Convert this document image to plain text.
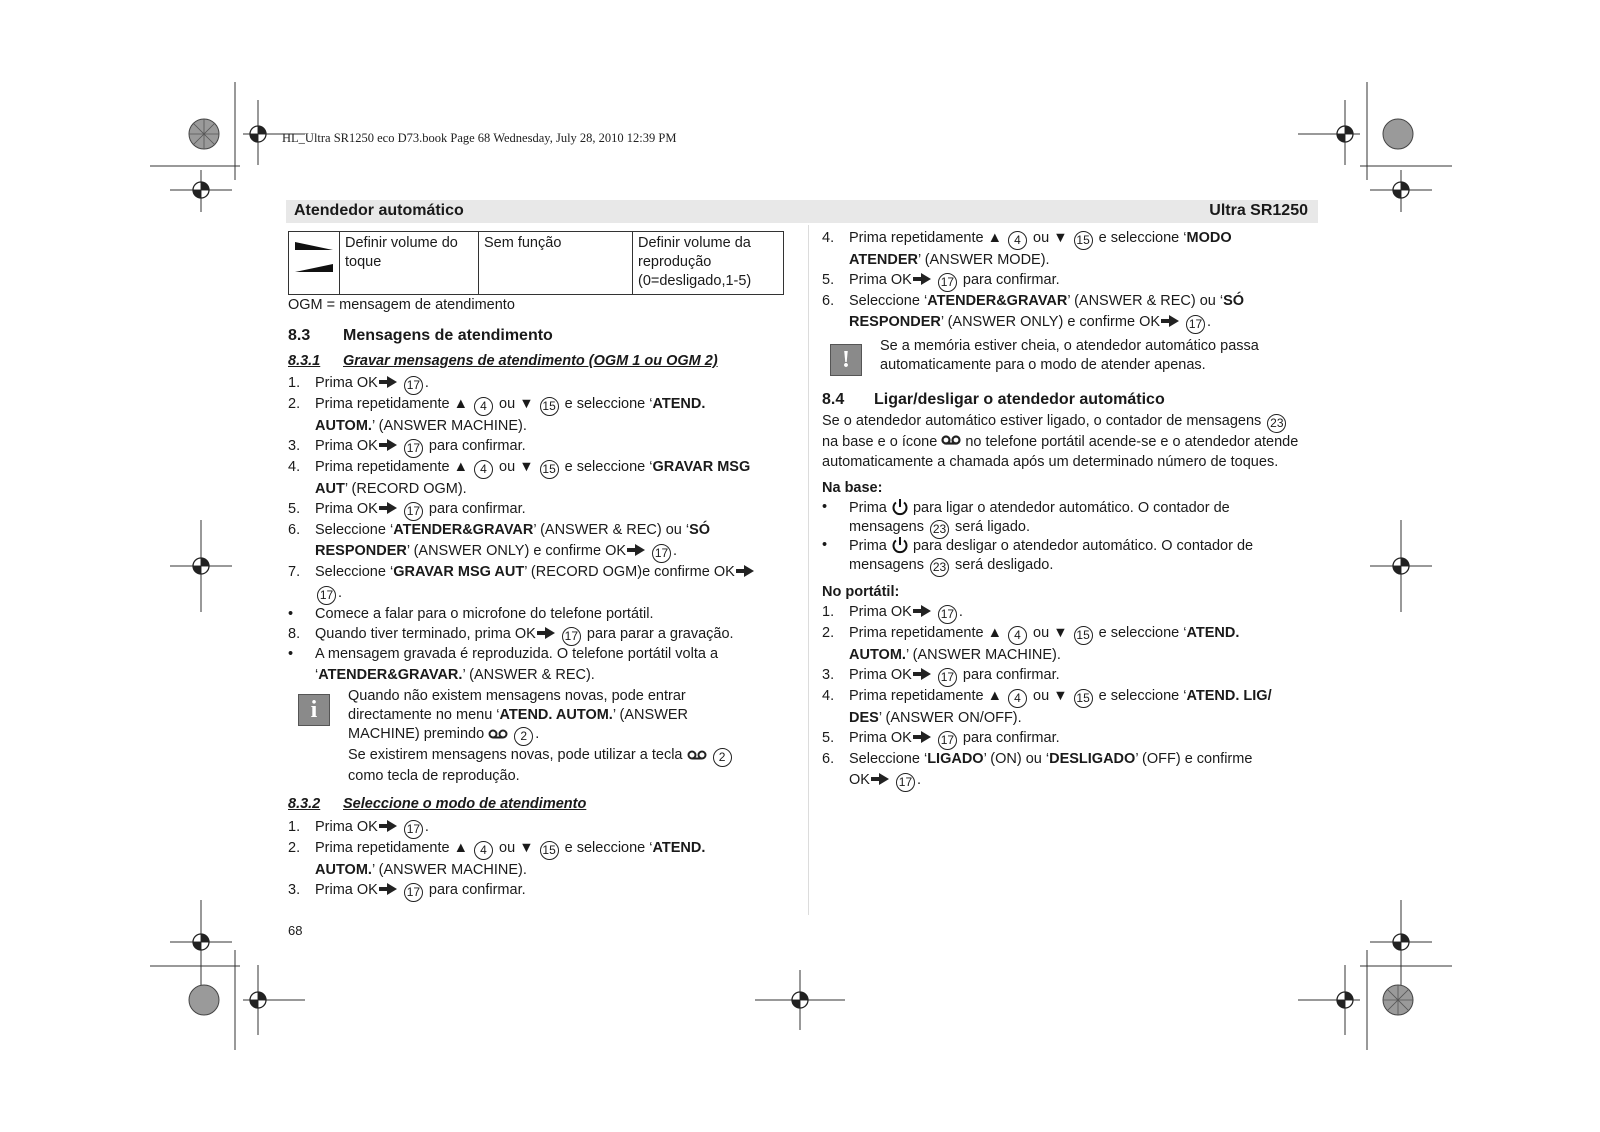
HL_Ultra SR1250 eco D73.book Page 68 Wednesday, July 28, 2010 12:39 PM
Atendedor automático	Ultra SR1250
	Definir volume do toque	Sem função	Definir volume da reprodução (0=desligado,1-5)
OGM = mensagem de atendimento
8.3 Mensagens de atendimento
8.3.1 Gravar mensagens de atendimento (OGM 1 ou OGM 2)
1. Prima OK 17 .
2. Prima repetidamente ▲ 4 ou ▼ 15 e seleccione ‘ATEND.
AUTOM.’ (ANSWER MACHINE).
3. Prima OK 17 para confirmar.
4. Prima repetidamente ▲ 4 ou ▼ 15 e seleccione ‘GRAVAR MSG
AUT’ (RECORD OGM).
5. Prima OK 17 para confirmar.
6. Seleccione ‘ATENDER&GRAVAR’ (ANSWER & REC) ou ‘SÓ
RESPONDER’ (ANSWER ONLY) e confirme OK 17 .
7. Seleccione ‘GRAVAR MSG AUT’ (RECORD OGM)e confirme OK
17 .
• Comece a falar para o microfone do telefone portátil.
8. Quando tiver terminado, prima OK 17 para parar a gravação.
• A mensagem gravada é reproduzida. O telefone portátil volta a
‘ATENDER&GRAVAR.’ (ANSWER & REC).
i
Quando não existem mensagens novas, pode entrar
directamente no menu ‘ATEND. AUTOM.’ (ANSWER
MACHINE) premindo	2 .
Se existirem mensagens novas, pode utilizar a tecla	2
como tecla de reprodução.
8.3.2 Seleccione o modo de atendimento
1. Prima OK 17 .
2. Prima repetidamente ▲ 4 ou ▼ 15 e seleccione ‘ATEND.
AUTOM.’ (ANSWER MACHINE).
3. Prima OK 17 para confirmar.
68
4. Prima repetidamente ▲ 4 ou ▼ 15 e seleccione ‘MODO
ATENDER’ (ANSWER MODE).
5. Prima OK 17 para confirmar.
6. Seleccione ‘ATENDER&GRAVAR’ (ANSWER & REC) ou ‘SÓ
RESPONDER’ (ANSWER ONLY) e confirme OK 17 .
!
Se a memória estiver cheia, o atendedor automático passa
automaticamente para o modo de atender apenas.
8.4 Ligar/desligar o atendedor automático
Se o atendedor automático estiver ligado, o contador de mensagens 23
na base e o ícone no telefone portátil acende-se e o atendedor atende
automaticamente a chamada após um determinado número de toques.
Na base:
• Prima para ligar o atendedor automático. O contador de
mensagens 23 será ligado.
• Prima para desligar o atendedor automático. O contador de
mensagens 23 será desligado.
No portátil:
1. Prima OK 17 .
2. Prima repetidamente ▲ 4 ou ▼ 15 e seleccione ‘ATEND.
AUTOM.’ (ANSWER MACHINE).
3. Prima OK 17 para confirmar.
4. Prima repetidamente ▲ 4 ou ▼ 15 e seleccione ‘ATEND. LIG/
DES’ (ANSWER ON/OFF).
5. Prima OK 17 para confirmar.
6. Seleccione ‘LIGADO’ (ON) ou ‘DESLIGADO’ (OFF) e confirme
OK 17 .
